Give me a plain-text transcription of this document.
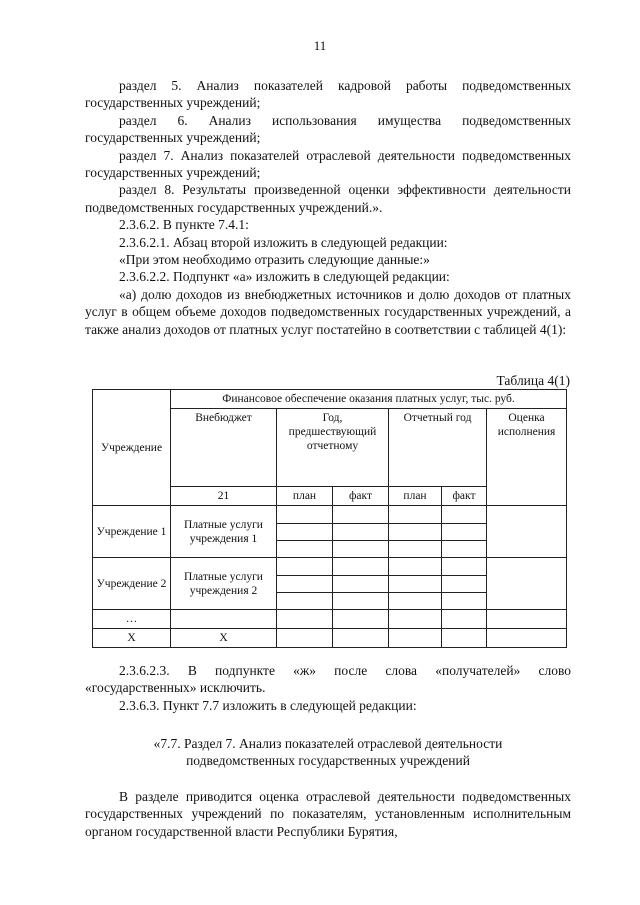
11

раздел 5. Анализ показателей кадровой работы подведомственных государственных учреждений;

раздел 6. Анализ использования имущества подведомственных государственных учреждений;

раздел 7. Анализ показателей отраслевой деятельности подведомственных государственных учреждений;

раздел 8. Результаты произведенной оценки эффективности деятельности подведомственных государственных учреждений.».

2.3.6.2. В пункте 7.4.1:

2.3.6.2.1. Абзац второй изложить в следующей редакции:

«При этом необходимо отразить следующие данные:»

2.3.6.2.2. Подпункт «а» изложить в следующей редакции:

«а) долю доходов из внебюджетных источников и долю доходов от платных услуг в общем объеме доходов подведомственных государственных учреждений, а также анализ доходов от платных услуг постатейно в соответствии с таблицей 4(1):

Таблица 4(1)
Учреждение	Финансовое обеспечение оказания платных услуг, тыс. руб.					
	Внебюджет	Год, предшествующий отчетному		Отчетный год		Оценка исполнения
	21	план	факт	план	факт	
Учреждение 1	Платные услуги учреждения 1					

Учреждение 2	Платные услуги учреждения 2					

…						
Х	Х					

2.3.6.2.3. В подпункте «ж» после слова «получателей» слово «государственных» исключить.

2.3.6.3. Пункт 7.7 изложить в следующей редакции:

«7.7. Раздел 7. Анализ показателей отраслевой деятельности
подведомственных государственных учреждений

В разделе приводится оценка отраслевой деятельности подведомственных государственных учреждений по показателям, установленным исполнительным органом государственной власти Республики Бурятия,
